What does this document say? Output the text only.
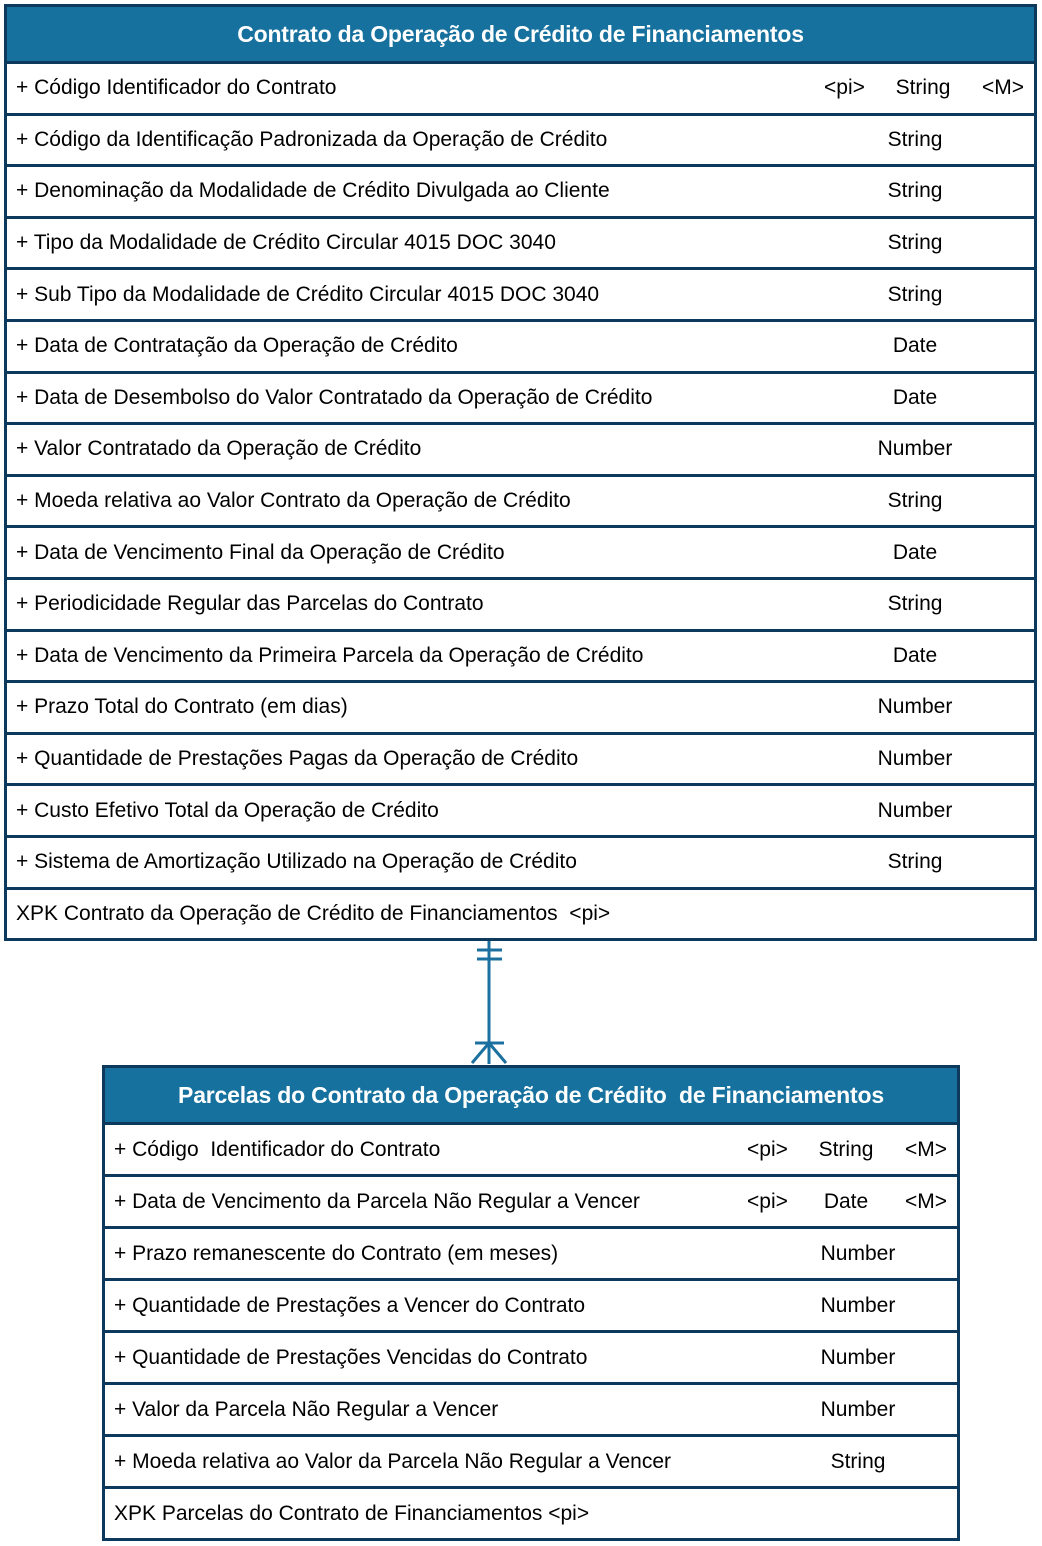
Contrato da Operação de Crédito de Financiamentos
+ Código Identificador do Contrato	<pi>	String	<M>
+ Código da Identificação Padronizada da Operação de Crédito	String
+ Denominação da Modalidade de Crédito Divulgada ao Cliente	String
+ Tipo da Modalidade de Crédito Circular 4015 DOC 3040	String
+ Sub Tipo da Modalidade de Crédito Circular 4015 DOC 3040	String
+ Data de Contratação da Operação de Crédito	Date
+ Data de Desembolso do Valor Contratado da Operação de Crédito	Date
+ Valor Contratado da Operação de Crédito	Number
+ Moeda relativa ao Valor Contrato da Operação de Crédito	String
+ Data de Vencimento Final da Operação de Crédito	Date
+ Periodicidade Regular das Parcelas do Contrato	String
+ Data de Vencimento da Primeira Parcela da Operação de Crédito	Date
+ Prazo Total do Contrato (em dias)	Number
+ Quantidade de Prestações Pagas da Operação de Crédito	Number
+ Custo Efetivo Total da Operação de Crédito	Number
+ Sistema de Amortização Utilizado na Operação de Crédito	String
XPK Contrato da Operação de Crédito de Financiamentos  <pi>
Parcelas do Contrato da Operação de Crédito  de Financiamentos
+ Código  Identificador do Contrato	<pi>	String	<M>
+ Data de Vencimento da Parcela Não Regular a Vencer	<pi>	Date	<M>
+ Prazo remanescente do Contrato (em meses)	Number
+ Quantidade de Prestações a Vencer do Contrato	Number
+ Quantidade de Prestações Vencidas do Contrato	Number
+ Valor da Parcela Não Regular a Vencer	Number
+ Moeda relativa ao Valor da Parcela Não Regular a Vencer	String
XPK Parcelas do Contrato de Financiamentos <pi>
